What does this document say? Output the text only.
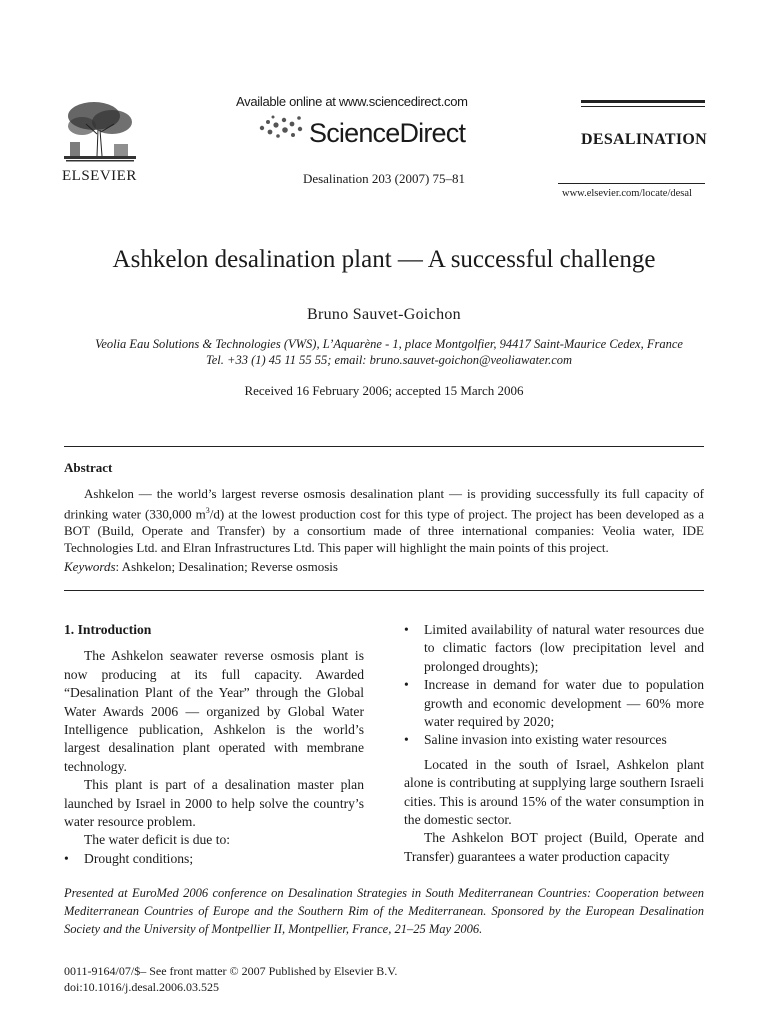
ELSEVIER
Available online at www.sciencedirect.com
ScienceDirect
Desalination 203 (2007) 75–81
DESALINATION
www.elsevier.com/locate/desal
Ashkelon desalination plant — A successful challenge
Bruno Sauvet-Goichon
Veolia Eau Solutions & Technologies (VWS), L’Aquarène - 1, place Montgolfier, 94417 Saint-Maurice Cedex, France
Tel. +33 (1) 45 11 55 55; email: bruno.sauvet-goichon@veoliawater.com
Received 16 February 2006; accepted 15 March 2006
Abstract
Ashkelon — the world’s largest reverse osmosis desalination plant — is providing successfully its full capacity of drinking water (330,000 $m^3/d$) at the lowest production cost for this type of project. The project has been developed as a BOT (Build, Operate and Transfer) by a consortium made of three international companies: Veolia water, IDE Technologies Ltd. and Elran Infrastructures Ltd. This paper will highlight the main points of this project.
Keywords: Ashkelon; Desalination; Reverse osmosis
1. Introduction

The Ashkelon seawater reverse osmosis plant is now producing at its full capacity. Awarded “Desalination Plant of the Year” through the Global Water Awards 2006 — organized by Global Water Intelligence publication, Ashkelon is the world’s largest desalination plant operated with membrane technology.

This plant is part of a desalination master plan launched by Israel in 2000 to help solve the country’s water resource problem.

The water deficit is due to:

•	Drought conditions;
•	Limited availability of natural water resources due to climatic factors (low precipitation level and prolonged droughts);
•	Increase in demand for water due to population growth and economic development — 60% more water required by 2020;
•	Saline invasion into existing water resources

Located in the south of Israel, Ashkelon plant alone is contributing at supplying large southern Israeli cities. This is around 15% of the water consumption in the domestic sector.

The Ashkelon BOT project (Build, Operate and Transfer) guarantees a water production capacity

Presented at EuroMed 2006 conference on Desalination Strategies in South Mediterranean Countries: Cooperation between Mediterranean Countries of Europe and the Southern Rim of the Mediterranean. Sponsored by the European Desalination Society and the University of Montpellier II, Montpellier, France, 21–25 May 2006.
0011-9164/07/$– See front matter © 2007 Published by Elsevier B.V.
doi:10.1016/j.desal.2006.03.525
